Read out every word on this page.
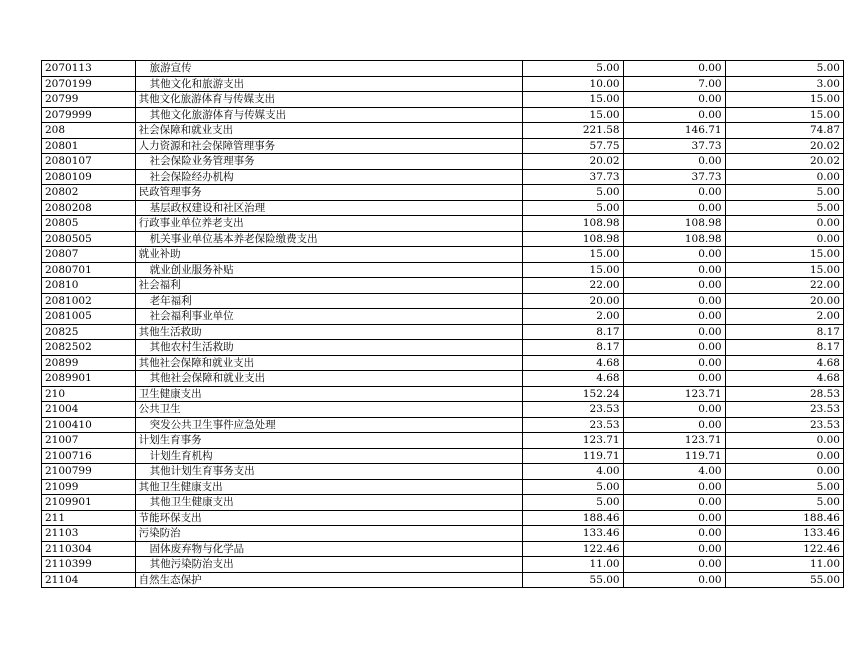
2070113	旅游宣传	5.00	0.00	5.00
2070199	其他文化和旅游支出	10.00	7.00	3.00
20799	其他文化旅游体育与传媒支出	15.00	0.00	15.00
2079999	其他文化旅游体育与传媒支出	15.00	0.00	15.00
208	社会保障和就业支出	221.58	146.71	74.87
20801	人力资源和社会保障管理事务	57.75	37.73	20.02
2080107	社会保险业务管理事务	20.02	0.00	20.02
2080109	社会保险经办机构	37.73	37.73	0.00
20802	民政管理事务	5.00	0.00	5.00
2080208	基层政权建设和社区治理	5.00	0.00	5.00
20805	行政事业单位养老支出	108.98	108.98	0.00
2080505	机关事业单位基本养老保险缴费支出	108.98	108.98	0.00
20807	就业补助	15.00	0.00	15.00
2080701	就业创业服务补贴	15.00	0.00	15.00
20810	社会福利	22.00	0.00	22.00
2081002	老年福利	20.00	0.00	20.00
2081005	社会福利事业单位	2.00	0.00	2.00
20825	其他生活救助	8.17	0.00	8.17
2082502	其他农村生活救助	8.17	0.00	8.17
20899	其他社会保障和就业支出	4.68	0.00	4.68
2089901	其他社会保障和就业支出	4.68	0.00	4.68
210	卫生健康支出	152.24	123.71	28.53
21004	公共卫生	23.53	0.00	23.53
2100410	突发公共卫生事件应急处理	23.53	0.00	23.53
21007	计划生育事务	123.71	123.71	0.00
2100716	计划生育机构	119.71	119.71	0.00
2100799	其他计划生育事务支出	4.00	4.00	0.00
21099	其他卫生健康支出	5.00	0.00	5.00
2109901	其他卫生健康支出	5.00	0.00	5.00
211	节能环保支出	188.46	0.00	188.46
21103	污染防治	133.46	0.00	133.46
2110304	固体废弃物与化学品	122.46	0.00	122.46
2110399	其他污染防治支出	11.00	0.00	11.00
21104	自然生态保护	55.00	0.00	55.00
